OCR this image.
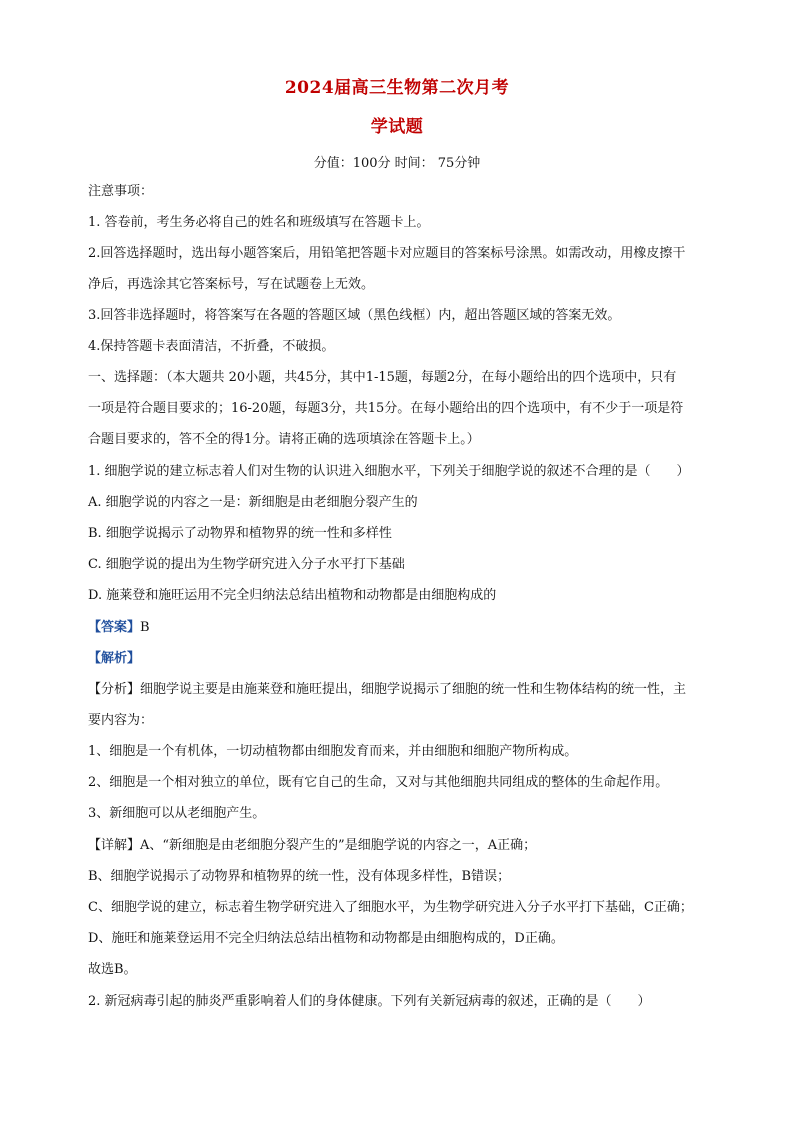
2024届高三生物第二次月考
学试题
分值：100分 时间： 75分钟
注意事项：
1. 答卷前，考生务必将自己的姓名和班级填写在答题卡上。
2.回答选择题时，选出每小题答案后，用铅笔把答题卡对应题目的答案标号涂黑。如需改动，用橡皮擦干
净后，再选涂其它答案标号，写在试题卷上无效。
3.回答非选择题时，将答案写在各题的答题区域（黑色线框）内，超出答题区域的答案无效。
4.保持答题卡表面清洁，不折叠，不破损。
一、选择题：（本大题共 20小题，共45分，其中1-15题，每题2分，在每小题给出的四个选项中，只有
一项是符合题目要求的；16-20题，每题3分，共15分。在每小题给出的四个选项中，有不少于一项是符
合题目要求的，答不全的得1分。请将正确的选项填涂在答题卡上。）
1. 细胞学说的建立标志着人们对生物的认识进入细胞水平，下列关于细胞学说的叙述不合理的是（　　）
A. 细胞学说的内容之一是：新细胞是由老细胞分裂产生的
B. 细胞学说揭示了动物界和植物界的统一性和多样性
C. 细胞学说的提出为生物学研究进入分子水平打下基础
D. 施莱登和施旺运用不完全归纳法总结出植物和动物都是由细胞构成的
【答案】B
【解析】
【分析】细胞学说主要是由施莱登和施旺提出，细胞学说揭示了细胞的统一性和生物体结构的统一性，主
要内容为：
1、细胞是一个有机体，一切动植物都由细胞发育而来，并由细胞和细胞产物所构成。
2、细胞是一个相对独立的单位，既有它自己的生命，又对与其他细胞共同组成的整体的生命起作用。
3、新细胞可以从老细胞产生。
【详解】A、“新细胞是由老细胞分裂产生的”是细胞学说的内容之一，A正确；
B、细胞学说揭示了动物界和植物界的统一性，没有体现多样性，B错误；
C、细胞学说的建立，标志着生物学研究进入了细胞水平，为生物学研究进入分子水平打下基础，C正确；
D、施旺和施莱登运用不完全归纳法总结出植物和动物都是由细胞构成的，D正确。
故选B。
2. 新冠病毒引起的肺炎严重影响着人们的身体健康。下列有关新冠病毒的叙述，正确的是（　　）
